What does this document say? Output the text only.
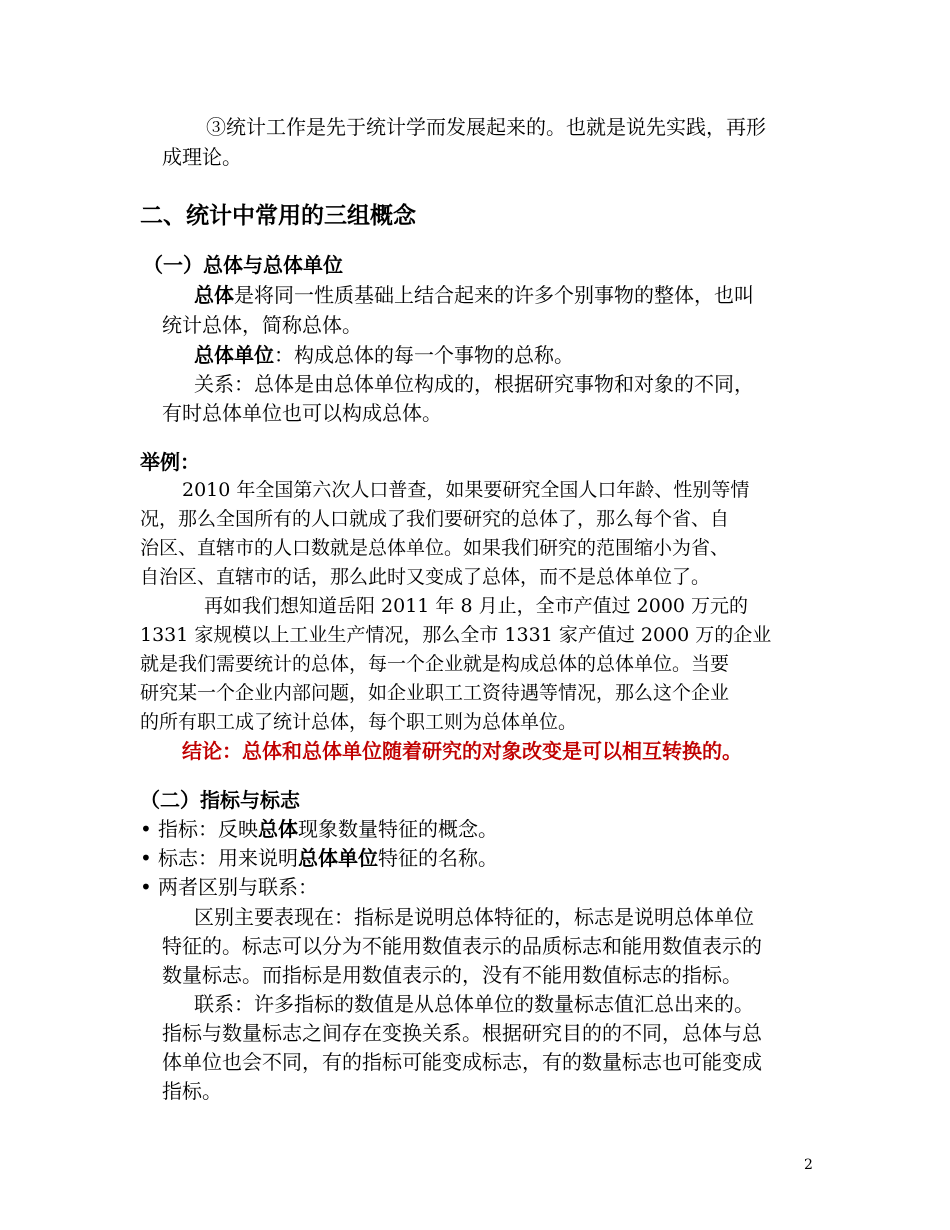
③统计工作是先于统计学而发展起来的。也就是说先实践，再形

成理论。

二、统计中常用的三组概念

（一）总体与总体单位

总体是将同一性质基础上结合起来的许多个别事物的整体，也叫

统计总体，简称总体。

总体单位：构成总体的每一个事物的总称。

关系：总体是由总体单位构成的，根据研究事物和对象的不同，

有时总体单位也可以构成总体。

举例：

2010 年全国第六次人口普查，如果要研究全国人口年龄、性别等情

况，那么全国所有的人口就成了我们要研究的总体了，那么每个省、自

治区、直辖市的人口数就是总体单位。如果我们研究的范围缩小为省、

自治区、直辖市的话，那么此时又变成了总体，而不是总体单位了。

再如我们想知道岳阳 2011 年 8 月止，全市产值过 2000 万元的

1331 家规模以上工业生产情况，那么全市 1331 家产值过 2000 万的企业

就是我们需要统计的总体，每一个企业就是构成总体的总体单位。当要

研究某一个企业内部问题，如企业职工工资待遇等情况，那么这个企业

的所有职工成了统计总体，每个职工则为总体单位。

结论：总体和总体单位随着研究的对象改变是可以相互转换的。

（二）指标与标志

• 指标：反映总体现象数量特征的概念。

• 标志：用来说明总体单位特征的名称。

• 两者区别与联系：

区别主要表现在：指标是说明总体特征的，标志是说明总体单位

特征的。标志可以分为不能用数值表示的品质标志和能用数值表示的

数量标志。而指标是用数值表示的，没有不能用数值标志的指标。

联系：许多指标的数值是从总体单位的数量标志值汇总出来的。

指标与数量标志之间存在变换关系。根据研究目的的不同，总体与总

体单位也会不同，有的指标可能变成标志，有的数量标志也可能变成

指标。

2
